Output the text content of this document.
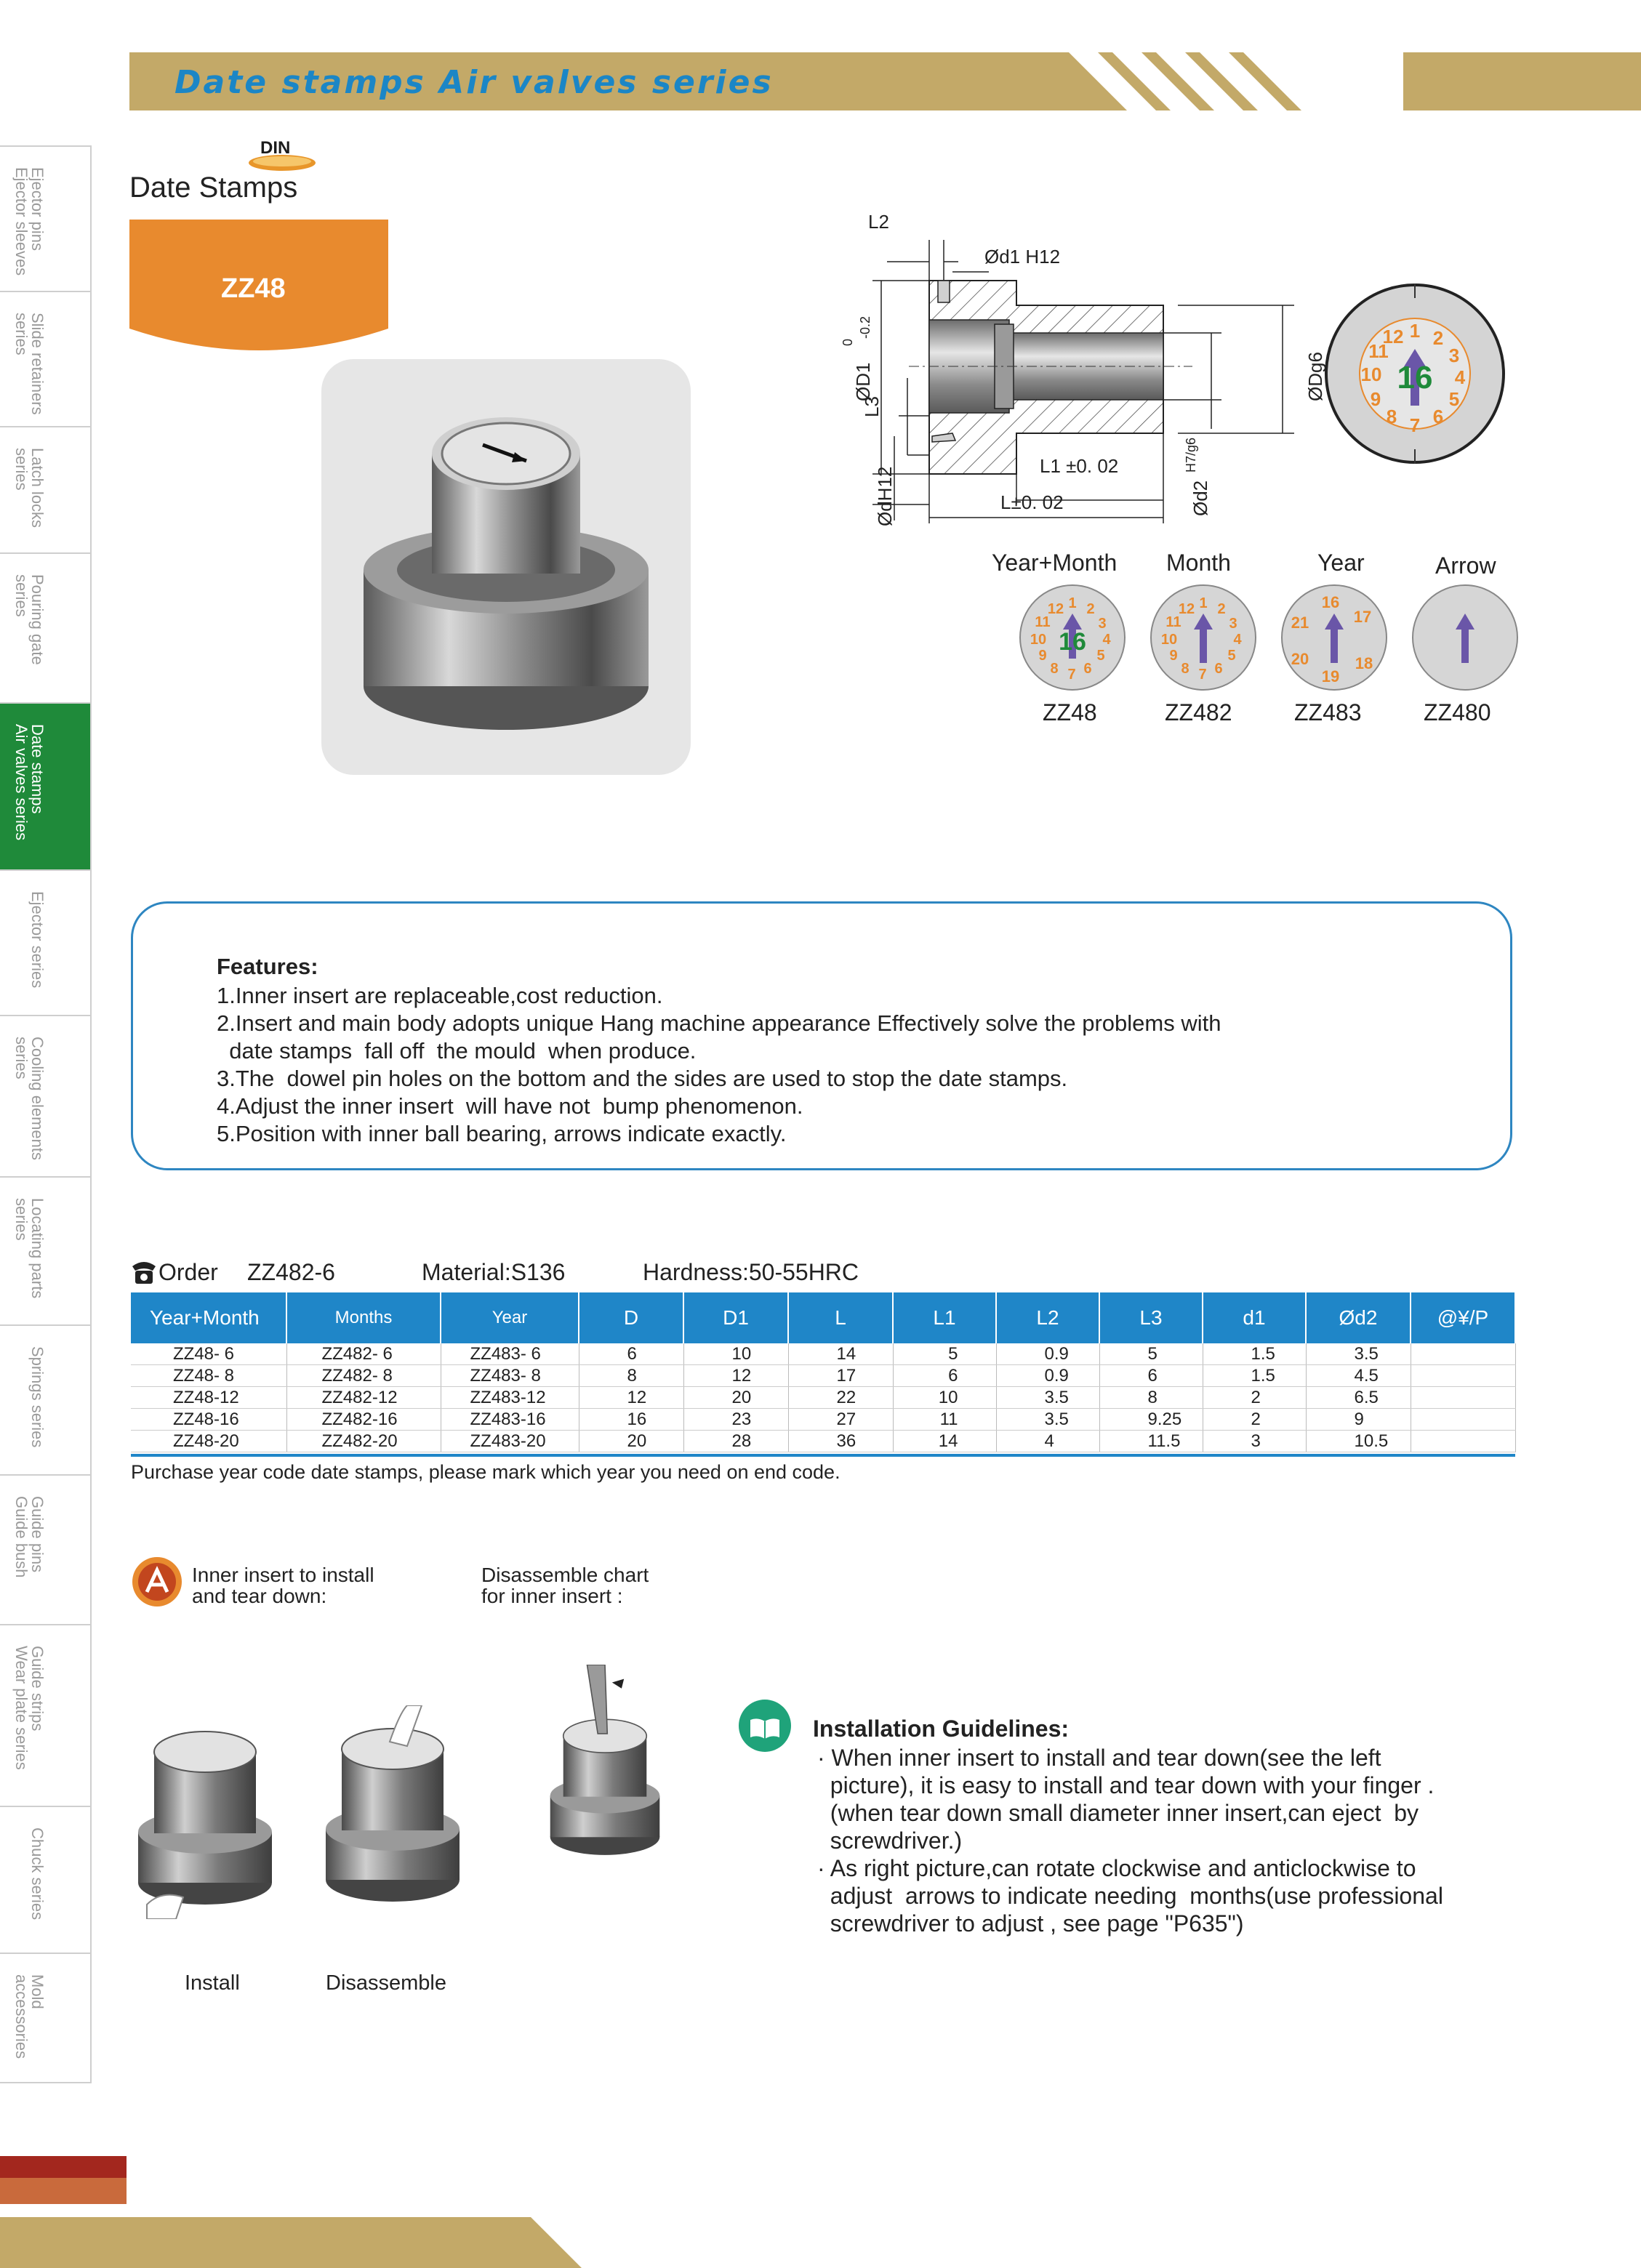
Date stamps Air valves series
Ejector pins
Ejector sleeves
Slide retainers
series
Latch locks
series
Pouring gate
series
Date stamps
Air valves series
Ejector series
Cooling elements
series
Locating parts
series
Springs series
Guide pins
Guide bush
Guide strips
Wear plate series
Chuck series
Mold
accessories
DIN
Date Stamps
ZZ48
L2
Ød1 H12
ØD1
0
-0.2
L3
ØdH12
L1 ±0. 02
L±0. 02
ØDg6
Ød2
H7/g6
1 2
3
4
5
6
7
8
9
10
11
12
16
Year+Month Month	Year	Arrow
1 2
3
4
5
6
7
8
9
10
11
12
16
1 2
3
4
5
6
7
8
9
10
11
12	16
17
18
19
20
21
ZZ48	ZZ482	ZZ483	ZZ480
Features:
1.Inner insert are replaceable,cost reduction.
2.Insert and main body adopts unique Hang machine appearance Effectively solve the problems with
date stamps  fall off  the mould  when produce.
3.The  dowel pin holes on the bottom and the sides are used to stop the date stamps.
4.Adjust the inner insert  will have not  bump phenomenon.
5.Position with inner ball bearing, arrows indicate exactly.
Order ZZ482-6	Material:S136	Hardness:50-55HRC
Year+Month	Months	Year	D	D1	L	L1	L2	L3	d1	Ød2	@¥/P
ZZ48- 6	ZZ482- 6	ZZ483- 6	6	10	14	5	0.9	5	1.5	3.5	
ZZ48- 8	ZZ482- 8	ZZ483- 8	8	12	17	6	0.9	6	1.5	4.5	
ZZ48-12	ZZ482-12	ZZ483-12	12	20	22	10	3.5	8	2	6.5	
ZZ48-16	ZZ482-16	ZZ483-16	16	23	27	11	3.5	9.25	2	9	
ZZ48-20	ZZ482-20	ZZ483-20	20	28	36	14	4	11.5	3	10.5	
Purchase year code date stamps, please mark which year you need on end code.
Inner insert to install
and tear down:
Disassemble chart
for inner insert :
Install	Disassemble
Installation Guidelines:
· When inner insert to install and tear down(see the left
picture), it is easy to install and tear down with your finger .
(when tear down small diameter inner insert,can eject  by
screwdriver.)
· As right picture,can rotate clockwise and anticlockwise to
adjust  arrows to indicate needing  months(use professional
screwdriver to adjust , see page "P635")
